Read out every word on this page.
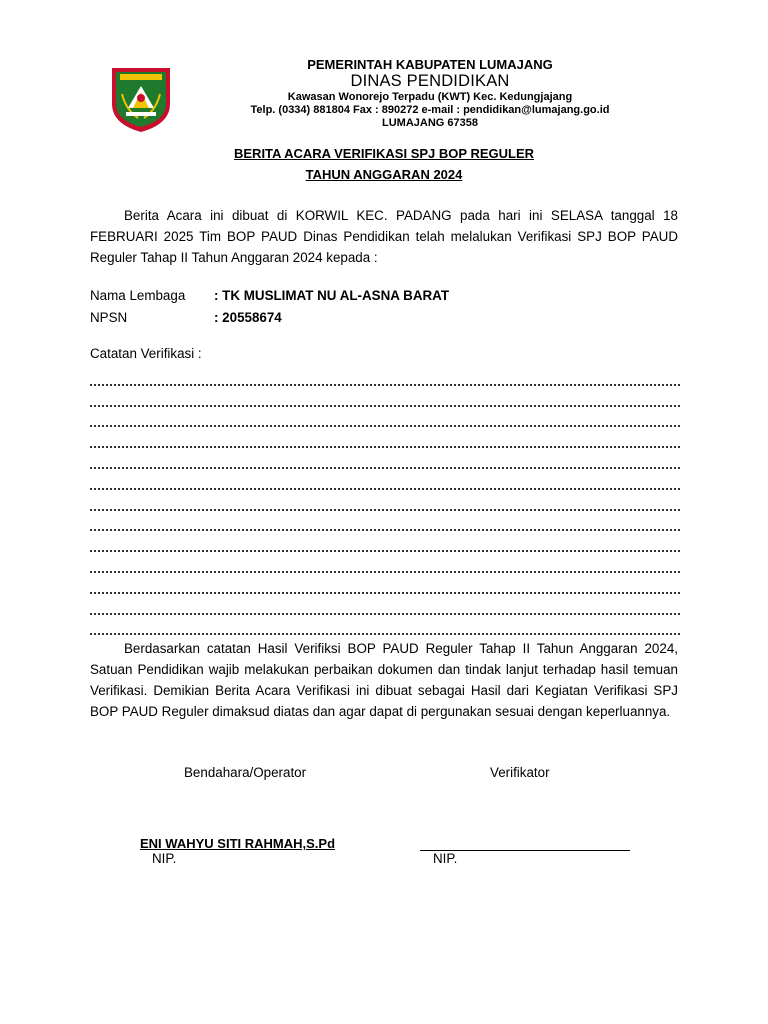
PEMERINTAH KABUPATEN LUMAJANG
DINAS PENDIDIKAN
Kawasan Wonorejo Terpadu (KWT) Kec. Kedungjajang
Telp. (0334) 881804 Fax : 890272 e-mail : pendidikan@lumajang.go.id
LUMAJANG 67358
BERITA ACARA VERIFIKASI SPJ BOP REGULER
TAHUN ANGGARAN 2024
Berita Acara ini dibuat di KORWIL KEC. PADANG pada hari ini SELASA tanggal 18 FEBRUARI 2025 Tim BOP PAUD Dinas Pendidikan telah melalukan Verifikasi SPJ BOP PAUD Reguler Tahap II Tahun Anggaran 2024 kepada :
Nama Lembaga : TK MUSLIMAT NU AL-ASNA BARAT
NPSN	: 20558674
Catatan Verifikasi :
Berdasarkan catatan Hasil Verifiksi BOP PAUD Reguler Tahap II Tahun Anggaran 2024, Satuan Pendidikan wajib melakukan perbaikan dokumen dan tindak lanjut terhadap hasil temuan Verifikasi. Demikian Berita Acara Verifikasi ini dibuat sebagai Hasil dari Kegiatan Verifikasi SPJ BOP PAUD Reguler dimaksud diatas dan agar dapat di pergunakan sesuai dengan keperluannya.
Bendahara/Operator	Verifikator
ENI WAHYU SITI RAHMAH,S.Pd
NIP.	NIP.
